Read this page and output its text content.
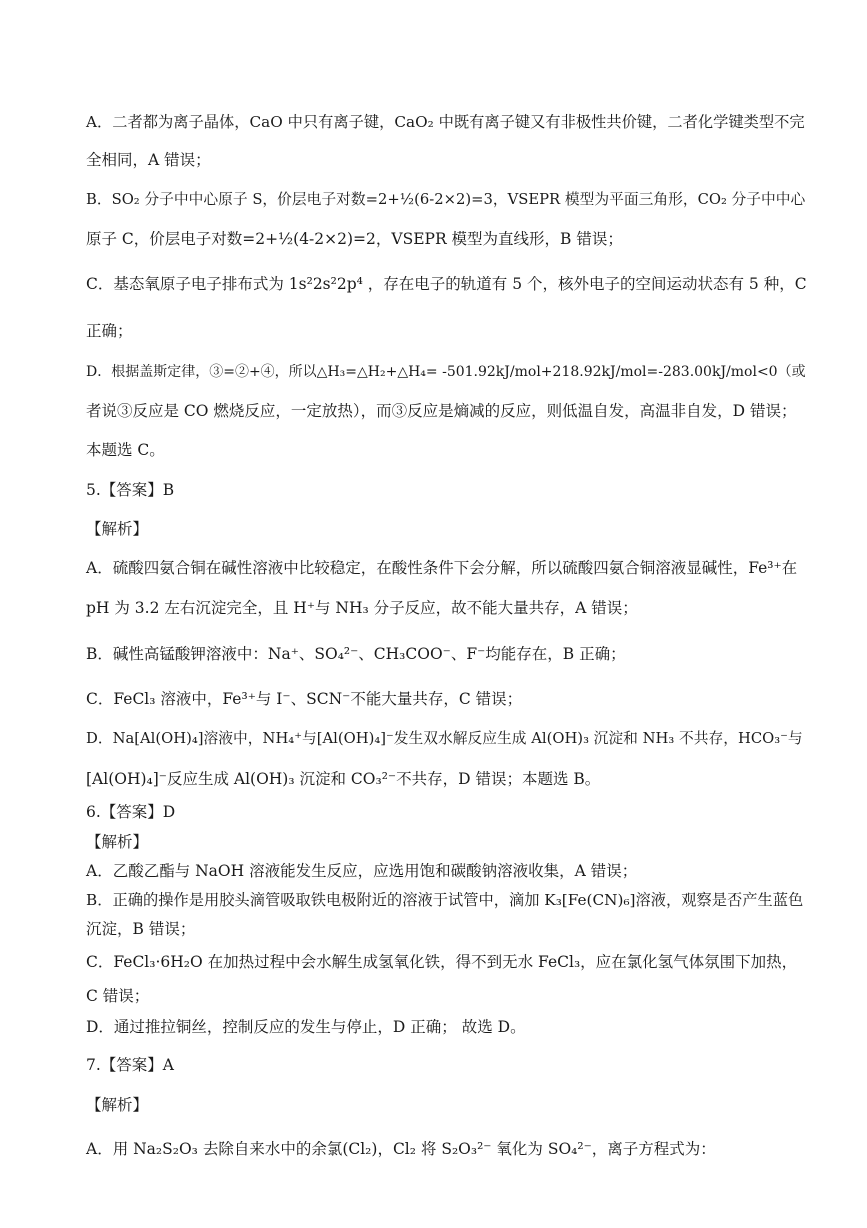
A．二者都为离子晶体，CaO 中只有离子键，CaO₂ 中既有离子键又有非极性共价键，二者化学键类型不完
全相同，A 错误；
B．SO₂ 分子中中心原子 S，价层电子对数=2+½(6-2×2)=3，VSEPR 模型为平面三角形，CO₂ 分子中中心
原子 C，价层电子对数=2+½(4-2×2)=2，VSEPR 模型为直线形，B 错误；
C．基态氧原子电子排布式为 1s²2s²2p⁴ ，存在电子的轨道有 5 个，核外电子的空间运动状态有 5 种，C
正确；
D．根据盖斯定律，③=②+④，所以△H₃=△H₂+△H₄= -501.92kJ/mol+218.92kJ/mol=-283.00kJ/mol<0（或
者说③反应是 CO 燃烧反应，一定放热），而③反应是熵减的反应，则低温自发，高温非自发，D 错误；
本题选 C。
5.【答案】B
【解析】
A．硫酸四氨合铜在碱性溶液中比较稳定，在酸性条件下会分解，所以硫酸四氨合铜溶液显碱性，Fe³⁺在
pH 为 3.2 左右沉淀完全，且 H⁺与 NH₃ 分子反应，故不能大量共存，A 错误；
B．碱性高锰酸钾溶液中：Na⁺、SO₄²⁻、CH₃COO⁻、F⁻均能存在，B 正确；
C．FeCl₃ 溶液中，Fe³⁺与 I⁻、SCN⁻不能大量共存，C 错误；
D．Na[Al(OH)₄]溶液中，NH₄⁺与[Al(OH)₄]⁻发生双水解反应生成 Al(OH)₃ 沉淀和 NH₃ 不共存，HCO₃⁻与
[Al(OH)₄]⁻反应生成 Al(OH)₃ 沉淀和 CO₃²⁻不共存，D 错误；本题选 B。
6.【答案】D
【解析】
A．乙酸乙酯与 NaOH 溶液能发生反应，应选用饱和碳酸钠溶液收集，A 错误；
B．正确的操作是用胶头滴管吸取铁电极附近的溶液于试管中，滴加 K₃[Fe(CN)₆]溶液，观察是否产生蓝色
沉淀，B 错误；
C．FeCl₃·6H₂O 在加热过程中会水解生成氢氧化铁，得不到无水 FeCl₃，应在氯化氢气体氛围下加热，
C 错误；
D．通过推拉铜丝，控制反应的发生与停止，D 正确； 故选 D。
7.【答案】A
【解析】
A．用 Na₂S₂O₃ 去除自来水中的余氯(Cl₂)，Cl₂ 将 S₂O₃²⁻ 氧化为 SO₄²⁻，离子方程式为：
